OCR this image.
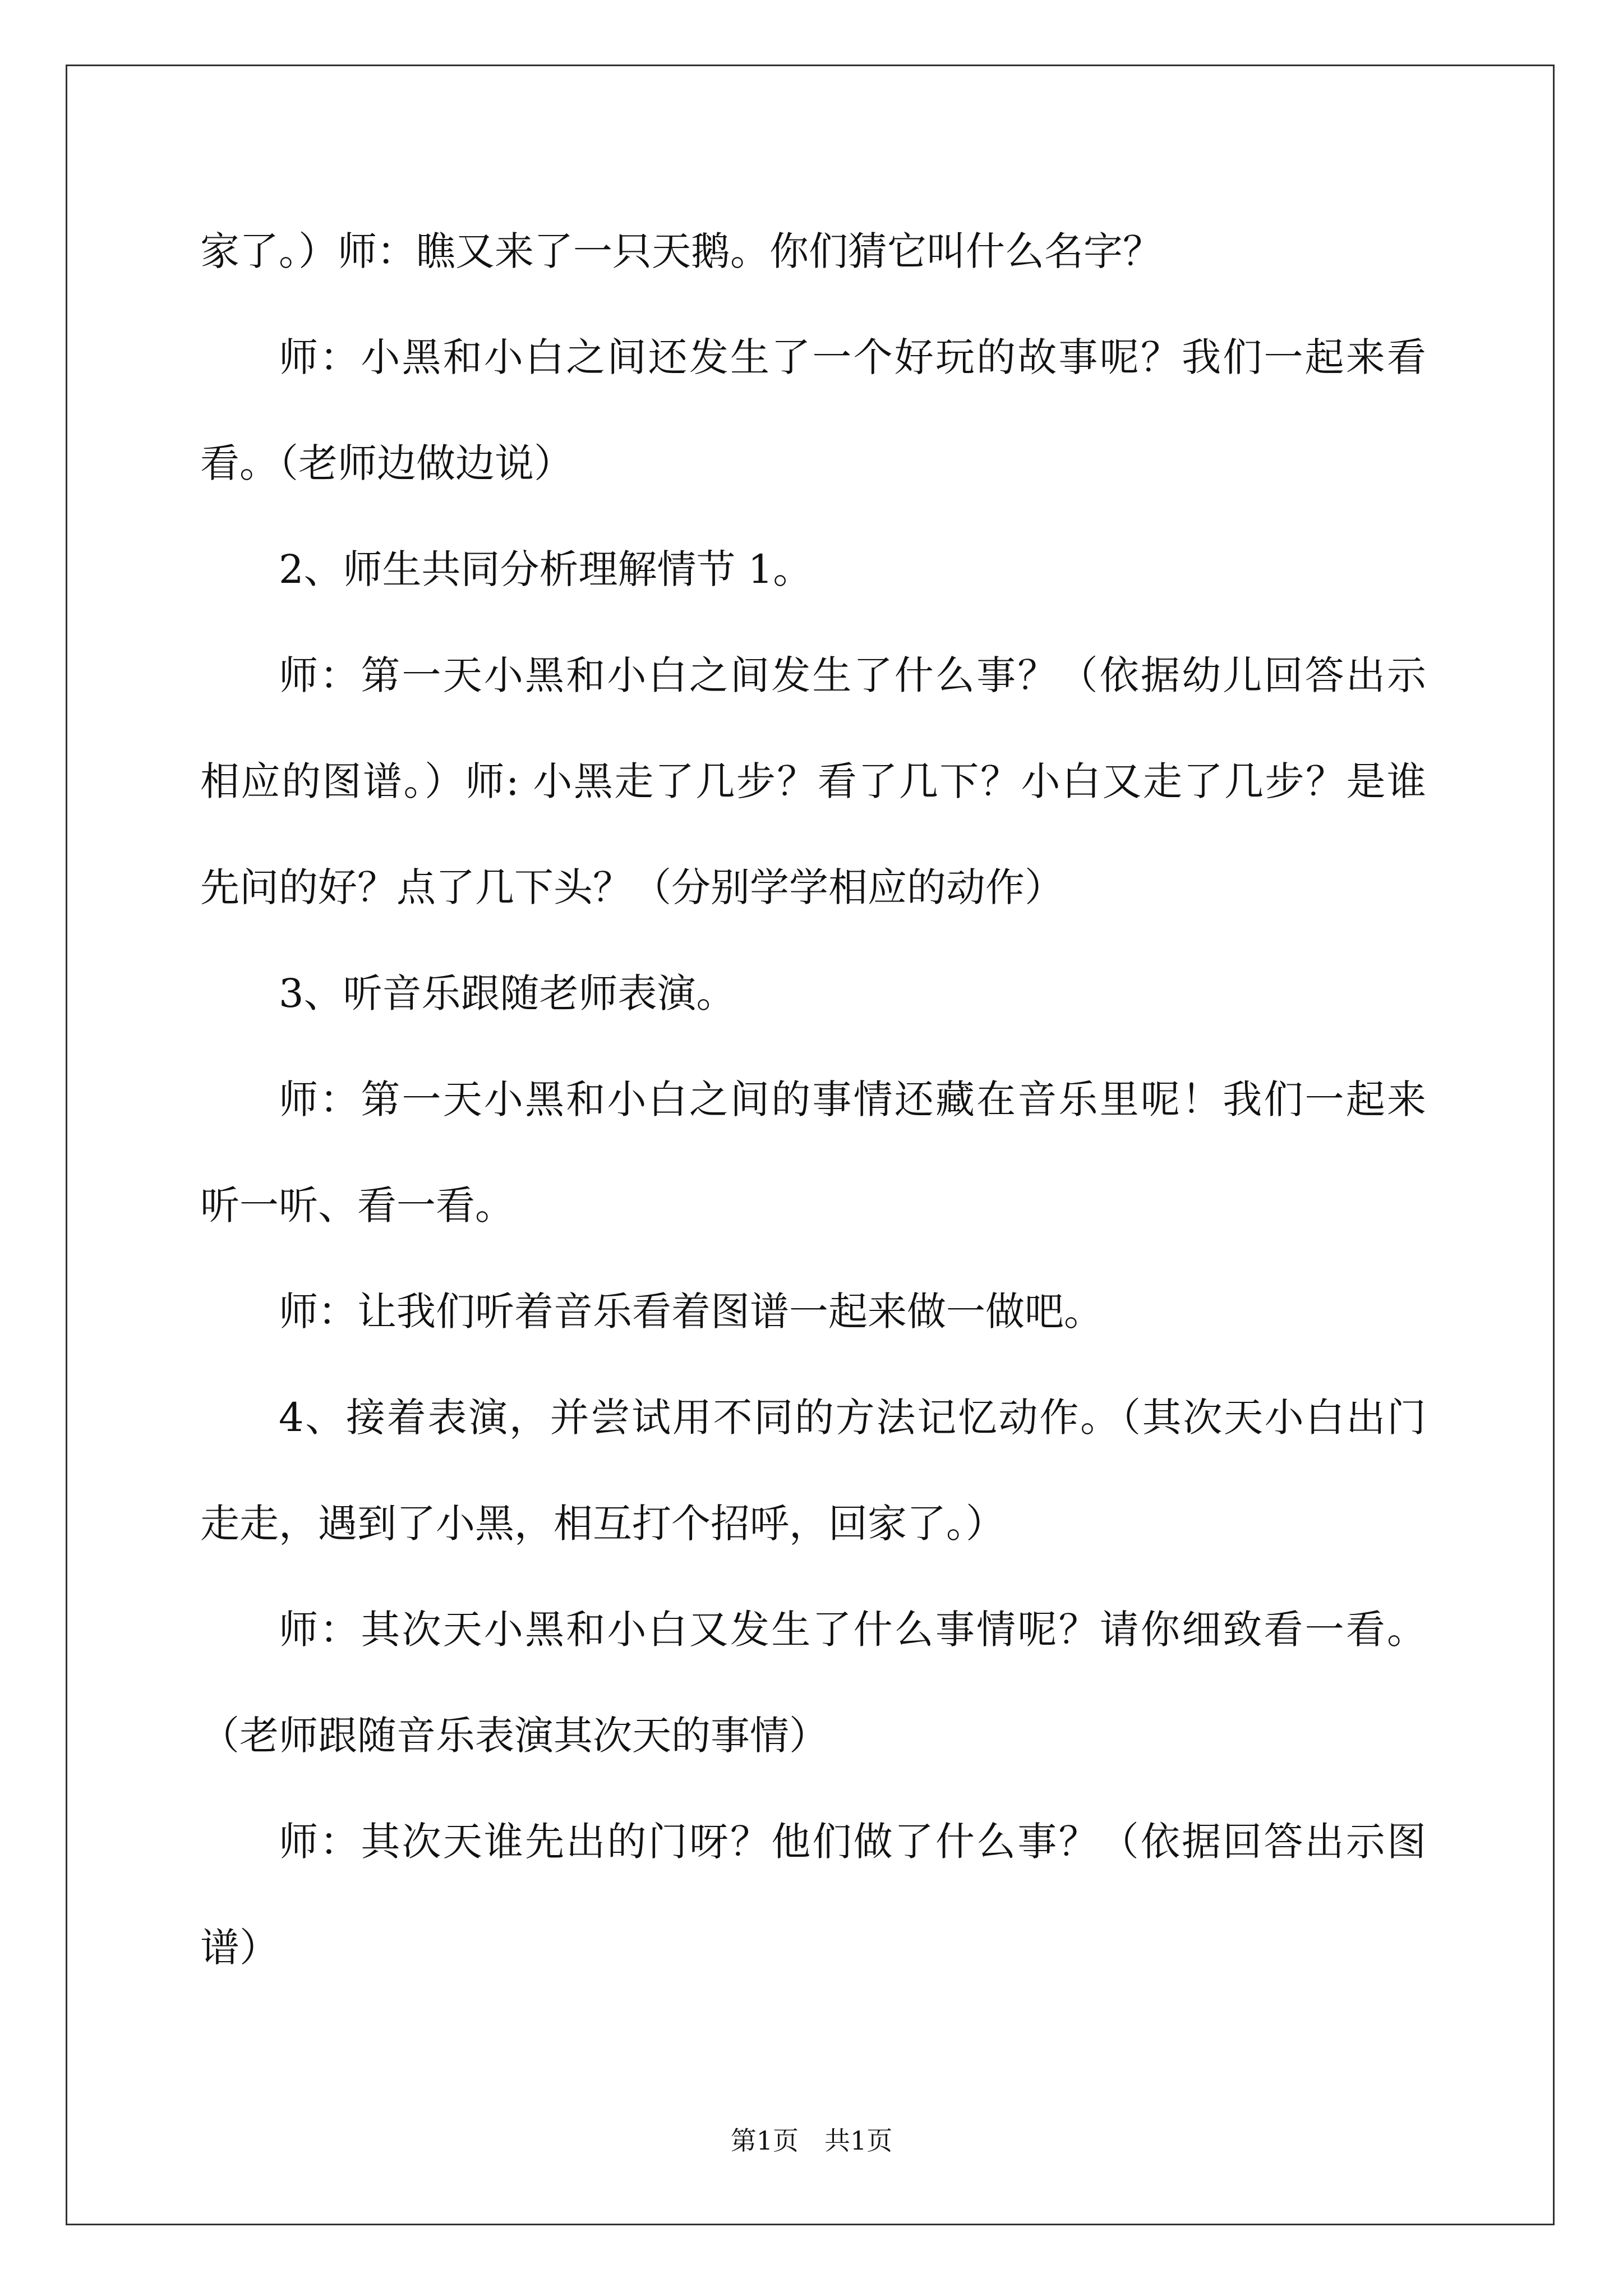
家了。）师：瞧又来了一只天鹅。你们猜它叫什么名字？
师：小黑和小白之间还发生了一个好玩的故事呢？我们一起来看
看。（老师边做边说）
2、师生共同分析理解情节 1。
师：第一天小黑和小白之间发生了什么事？（依据幼儿回答出示
相应的图谱。）师: 小黑走了几步？看了几下？小白又走了几步？是谁
先问的好？点了几下头？（分别学学相应的动作）
3、听音乐跟随老师表演。
师：第一天小黑和小白之间的事情还藏在音乐里呢！我们一起来
听一听、看一看。
师：让我们听着音乐看着图谱一起来做一做吧。
4、接着表演，并尝试用不同的方法记忆动作。（其次天小白出门
走走，遇到了小黑，相互打个招呼，回家了。）
师：其次天小黑和小白又发生了什么事情呢？请你细致看一看。
（老师跟随音乐表演其次天的事情）
师：其次天谁先出的门呀？他们做了什么事？（依据回答出示图
谱）
第1页 共1页
